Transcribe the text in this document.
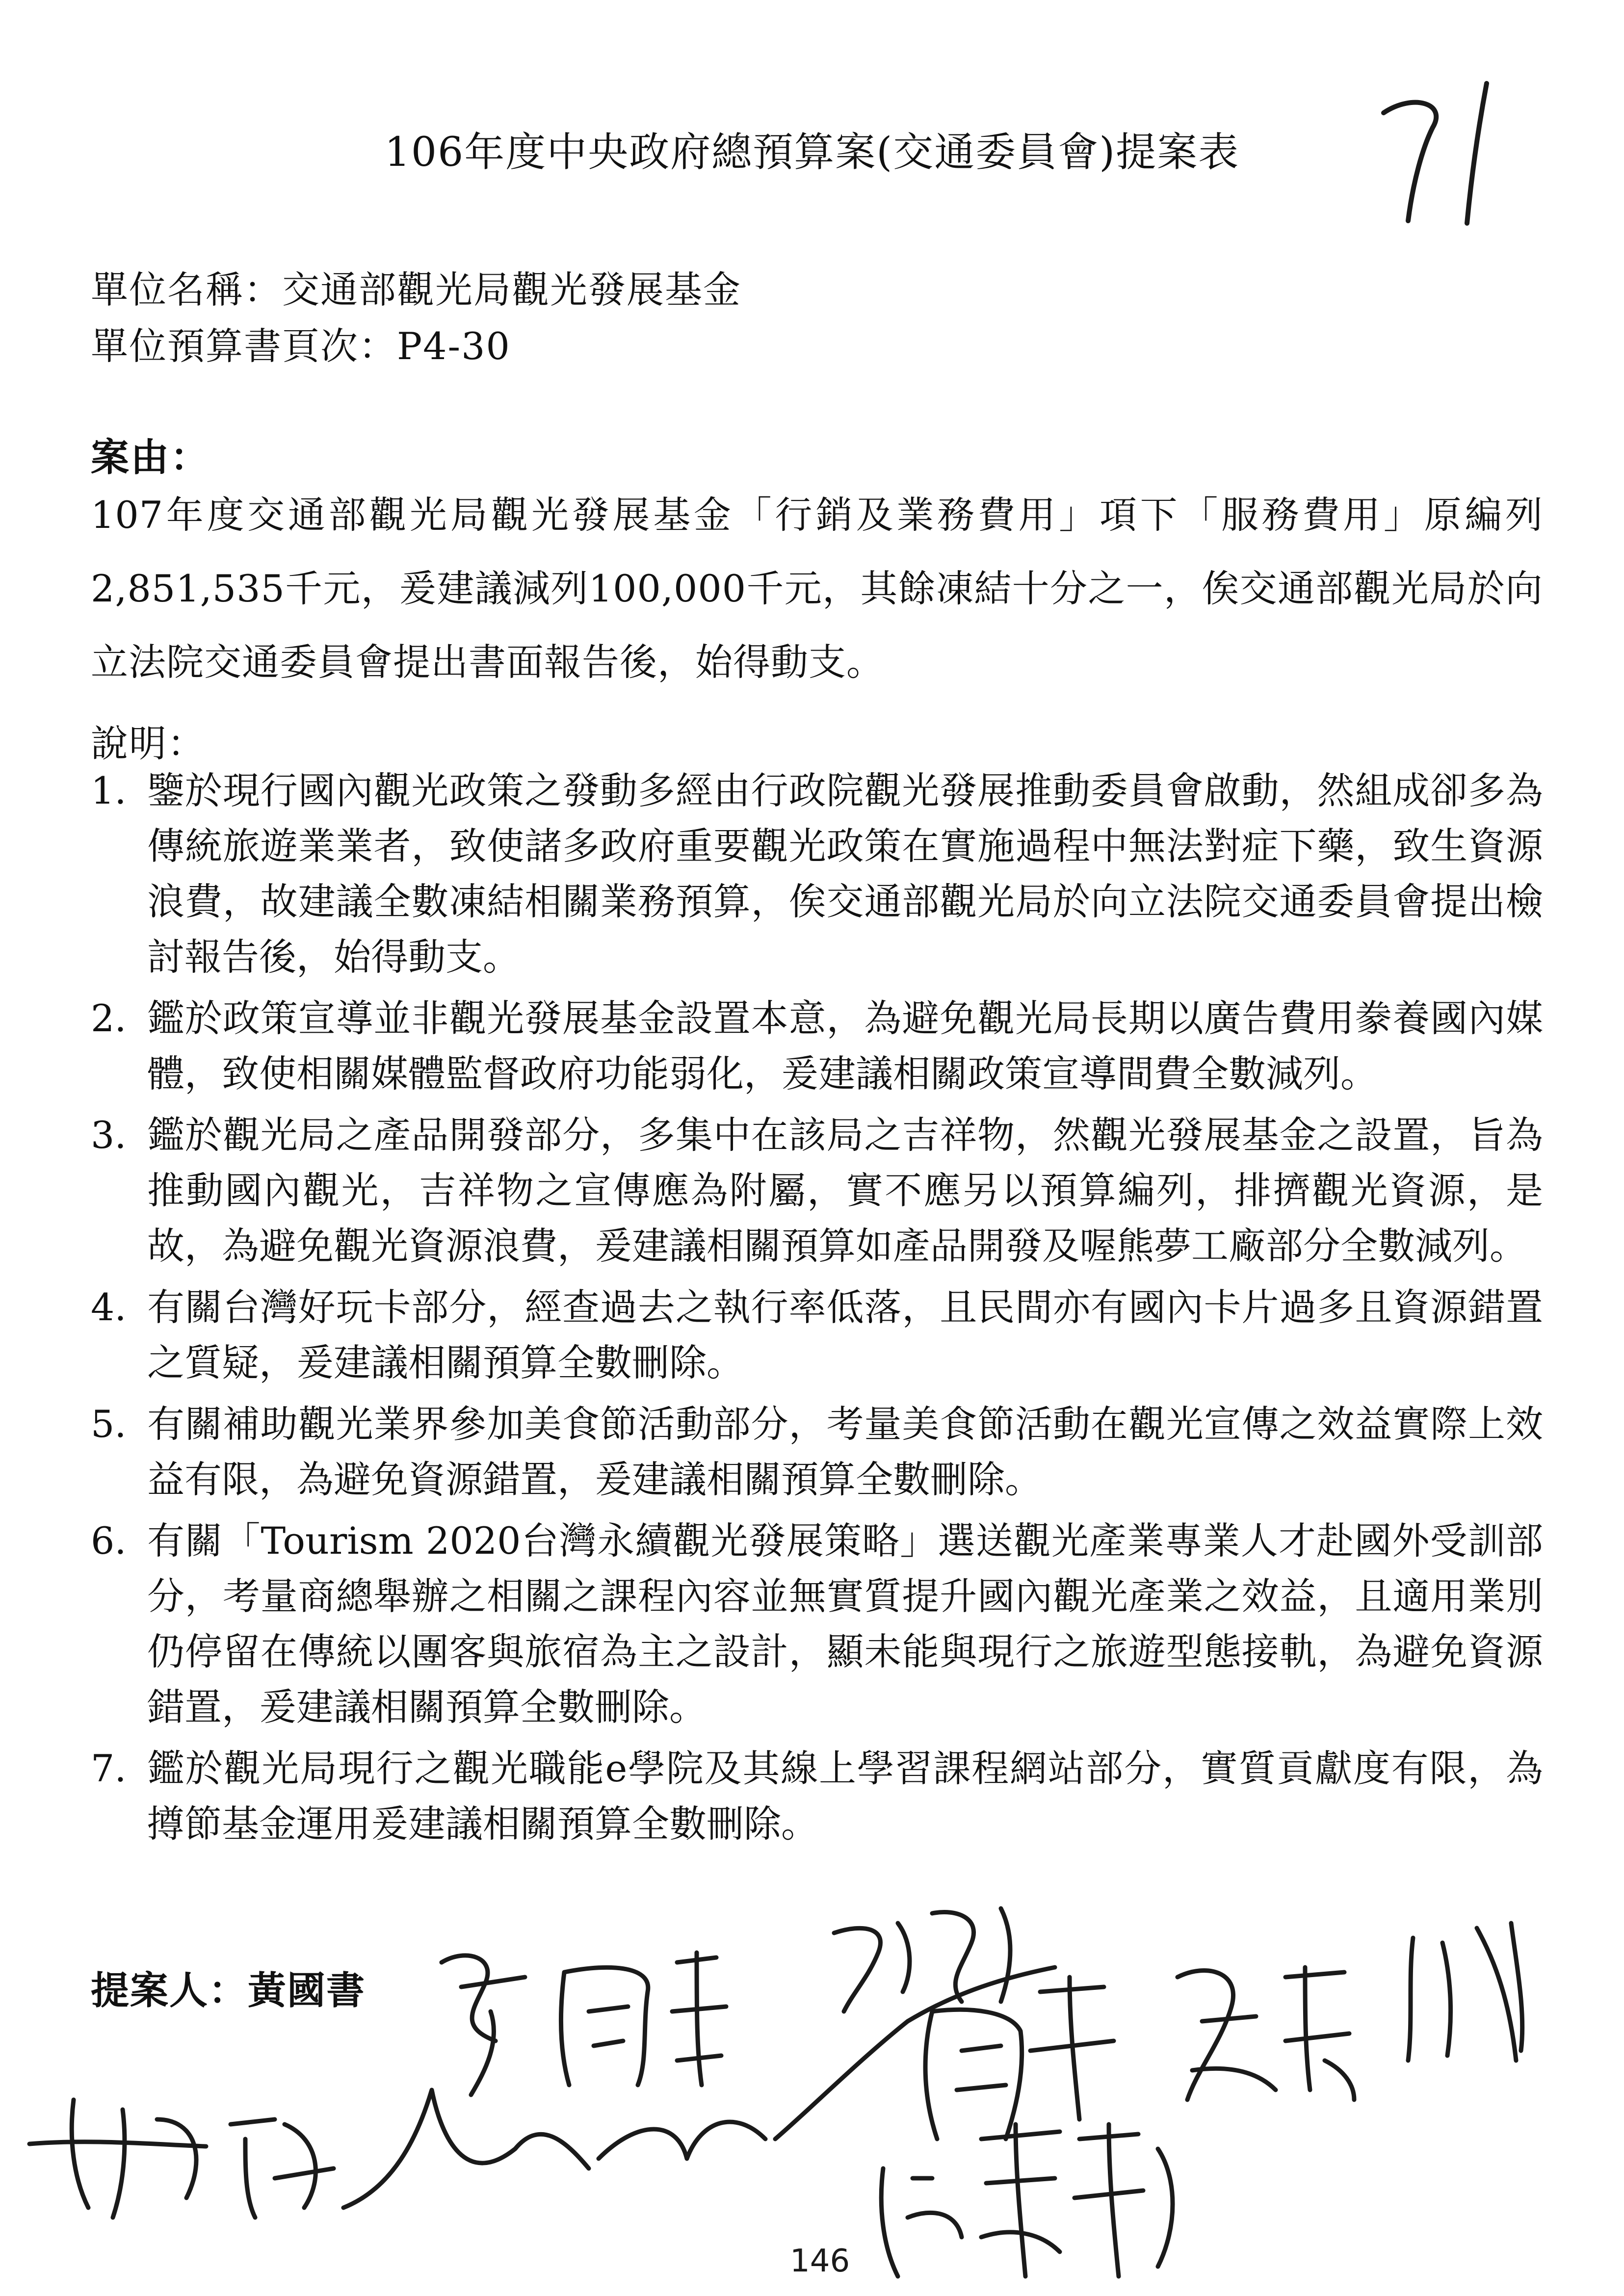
106年度中央政府總預算案(交通委員會)提案表
單位名稱：交通部觀光局觀光發展基金
單位預算書頁次：P4-30
案由：
107年度交通部觀光局觀光發展基金「行銷及業務費用」項下「服務費用」原編列2,851,535千元，爰建議減列100,000千元，其餘凍結十分之一，俟交通部觀光局於向立法院交通委員會提出書面報告後，始得動支。
說明：
1. 鑒於現行國內觀光政策之發動多經由行政院觀光發展推動委員會啟動，然組成卻多為傳統旅遊業業者，致使諸多政府重要觀光政策在實施過程中無法對症下藥，致生資源浪費，故建議全數凍結相關業務預算，俟交通部觀光局於向立法院交通委員會提出檢討報告後，始得動支。
2. 鑑於政策宣導並非觀光發展基金設置本意，為避免觀光局長期以廣告費用豢養國內媒體，致使相關媒體監督政府功能弱化，爰建議相關政策宣導間費全數減列。
3. 鑑於觀光局之產品開發部分，多集中在該局之吉祥物，然觀光發展基金之設置，旨為推動國內觀光，吉祥物之宣傳應為附屬，實不應另以預算編列，排擠觀光資源，是故，為避免觀光資源浪費，爰建議相關預算如產品開發及喔熊夢工廠部分全數減列。
4. 有關台灣好玩卡部分，經查過去之執行率低落，且民間亦有國內卡片過多且資源錯置之質疑，爰建議相關預算全數刪除。
5. 有關補助觀光業界參加美食節活動部分，考量美食節活動在觀光宣傳之效益實際上效益有限，為避免資源錯置，爰建議相關預算全數刪除。
6. 有關「Tourism 2020台灣永續觀光發展策略」選送觀光產業專業人才赴國外受訓部分，考量商總舉辦之相關之課程內容並無實質提升國內觀光產業之效益，且適用業別仍停留在傳統以團客與旅宿為主之設計，顯未能與現行之旅遊型態接軌，為避免資源錯置，爰建議相關預算全數刪除。
7. 鑑於觀光局現行之觀光職能e學院及其線上學習課程網站部分，實質貢獻度有限，為撙節基金運用爰建議相關預算全數刪除。
提案人：黃國書
146
